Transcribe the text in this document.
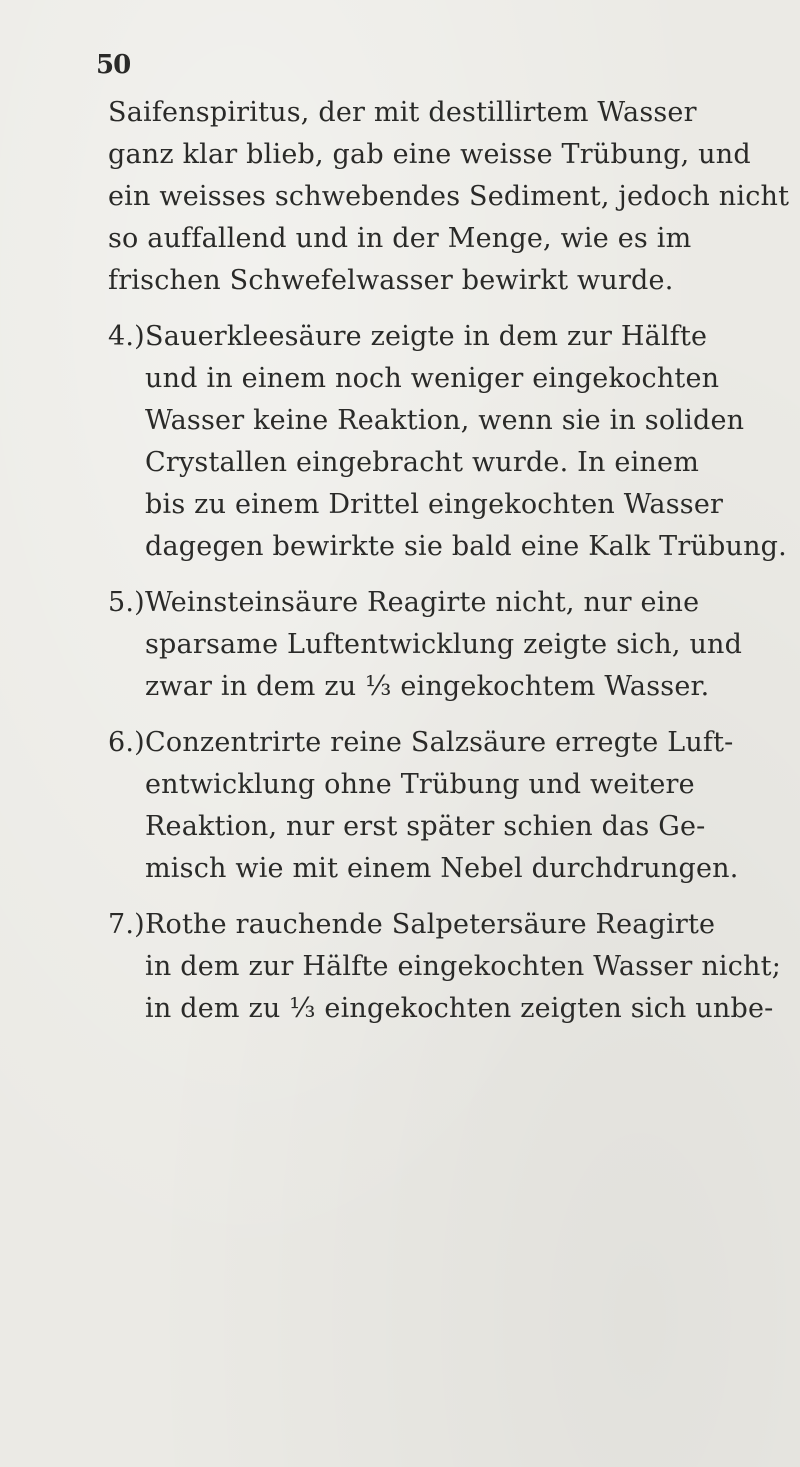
50
Saifenspiritus, der mit destillirtem Wasser
ganz klar blieb, gab eine weisse Trübung, und
ein weisses schwebendes Sediment, jedoch nicht
so auffallend und in der Menge, wie es im
frischen Schwefelwasser bewirkt wurde.
4.)Sauerkleesäure zeigte in dem zur Hälfte
und in einem noch weniger eingekochten
Wasser keine Reaktion, wenn sie in soliden
Crystallen eingebracht wurde. In einem
bis zu einem Drittel eingekochten Wasser
dagegen bewirkte sie bald eine Kalk Trübung.
5.)Weinsteinsäure Reagirte nicht, nur eine
sparsame Luftentwicklung zeigte sich, und
zwar in dem zu ⅓ eingekochtem Wasser.
6.)Conzentrirte reine Salzsäure erregte Luft-
entwicklung ohne Trübung und weitere
Reaktion, nur erst später schien das Ge-
misch wie mit einem Nebel durchdrungen.
7.)Rothe rauchende Salpetersäure Reagirte
in dem zur Hälfte eingekochten Wasser nicht;
in dem zu ⅓ eingekochten zeigten sich unbe-
